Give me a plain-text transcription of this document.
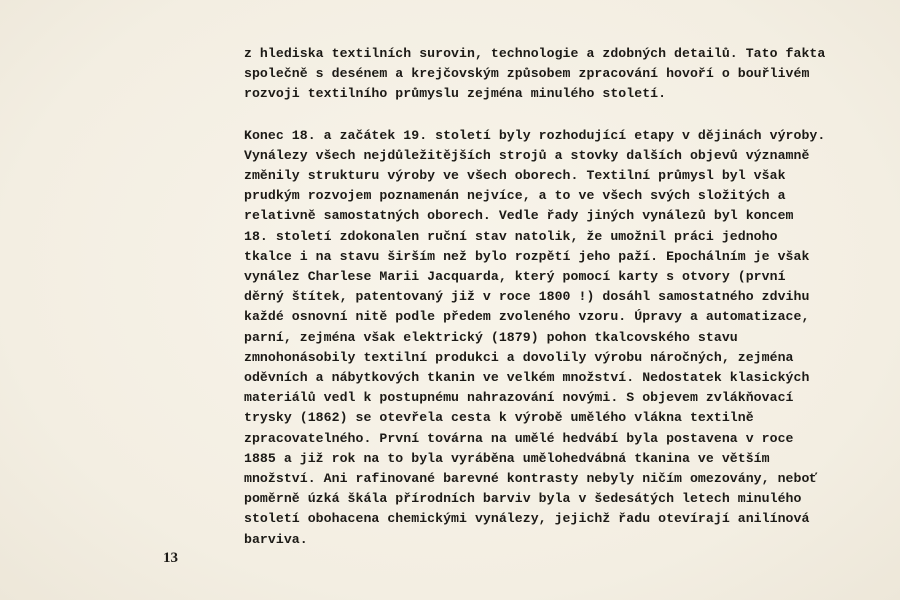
z hlediska textilních surovin, technologie a zdobných detailů. Tato fakta
společně s desénem a krejčovským způsobem zpracování hovoří o bouřlivém
rozvoji textilního průmyslu zejména minulého století.

Konec 18. a začátek 19. století byly rozhodující etapy v dějinách výroby.
Vynálezy všech nejdůležitějších strojů a stovky dalších objevů významně
změnily strukturu výroby ve všech oborech. Textilní průmysl byl však
prudkým rozvojem poznamenán nejvíce, a to ve všech svých složitých a
relativně samostatných oborech. Vedle řady jiných vynálezů byl koncem
18. století zdokonalen ruční stav natolik, že umožnil práci jednoho
tkalce i na stavu širším než bylo rozpětí jeho paží. Epochálním je však
vynález Charlese Marii Jacquarda, který pomocí karty s otvory (první
děrný štítek, patentovaný již v roce 1800 !) dosáhl samostatného zdvihu
každé osnovní nitě podle předem zvoleného vzoru. Úpravy a automatizace,
parní, zejména však elektrický (1879) pohon tkalcovského stavu
zmnohonásobily textilní produkci a dovolily výrobu náročných, zejména
oděvních a nábytkových tkanin ve velkém množství. Nedostatek klasických
materiálů vedl k postupnému nahrazování novými. S objevem zvlákňovací
trysky (1862) se otevřela cesta k výrobě umělého vlákna textilně
zpracovatelného. První továrna na umělé hedvábí byla postavena v roce
1885 a již rok na to byla vyráběna umělohedvábná tkanina ve větším
množství. Ani rafinované barevné kontrasty nebyly ničím omezovány, neboť
poměrně úzká škála přírodních barviv byla v šedesátých letech minulého
století obohacena chemickými vynálezy, jejichž řadu otevírají anilínová
barviva.

13
